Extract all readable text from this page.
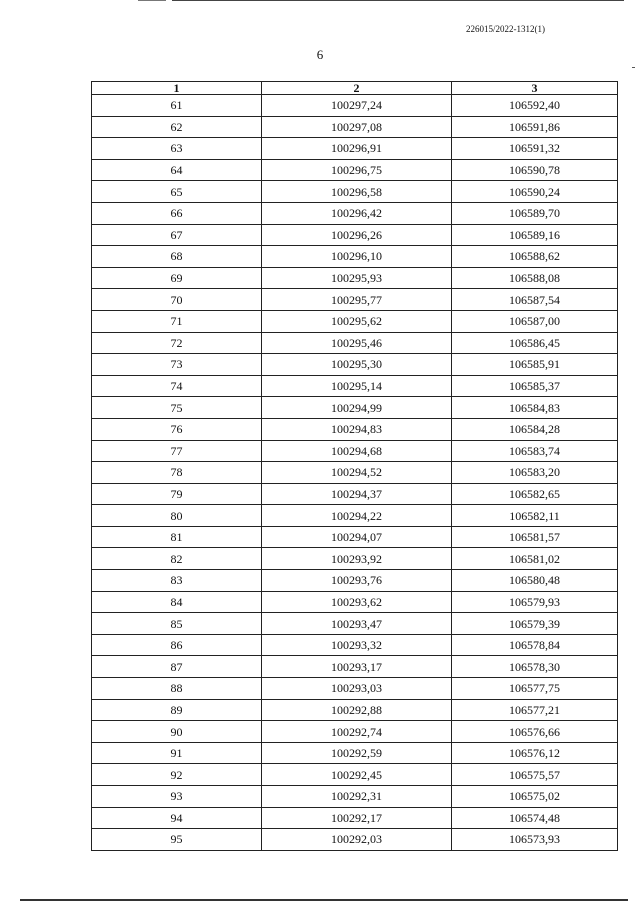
226015/2022-1312(1)
6
1	2	3
61	100297,24	106592,40
62	100297,08	106591,86
63	100296,91	106591,32
64	100296,75	106590,78
65	100296,58	106590,24
66	100296,42	106589,70
67	100296,26	106589,16
68	100296,10	106588,62
69	100295,93	106588,08
70	100295,77	106587,54
71	100295,62	106587,00
72	100295,46	106586,45
73	100295,30	106585,91
74	100295,14	106585,37
75	100294,99	106584,83
76	100294,83	106584,28
77	100294,68	106583,74
78	100294,52	106583,20
79	100294,37	106582,65
80	100294,22	106582,11
81	100294,07	106581,57
82	100293,92	106581,02
83	100293,76	106580,48
84	100293,62	106579,93
85	100293,47	106579,39
86	100293,32	106578,84
87	100293,17	106578,30
88	100293,03	106577,75
89	100292,88	106577,21
90	100292,74	106576,66
91	100292,59	106576,12
92	100292,45	106575,57
93	100292,31	106575,02
94	100292,17	106574,48
95	100292,03	106573,93
